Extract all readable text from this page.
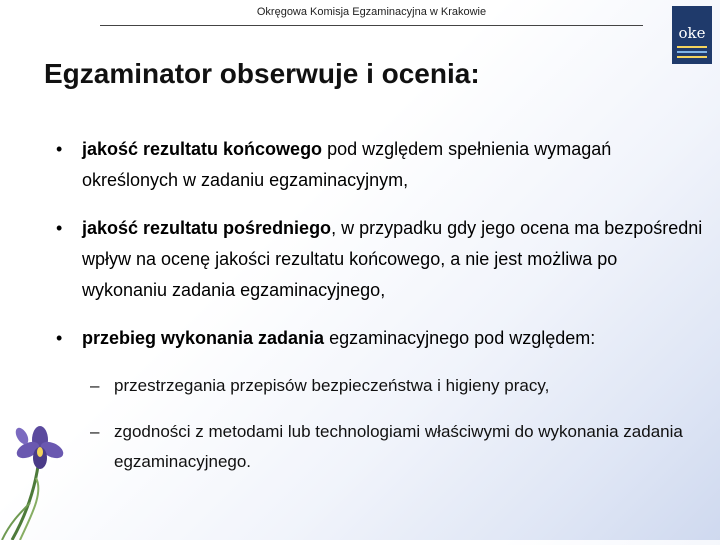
Okręgowa Komisja Egzaminacyjna w Krakowie
oke
Egzaminator obserwuje i ocenia:
• jakość rezultatu końcowego pod względem spełnienia wymagań określonych w zadaniu egzaminacyjnym,
• jakość rezultatu pośredniego, w przypadku gdy jego ocena ma bezpośredni wpływ na ocenę jakości rezultatu końcowego, a nie jest możliwa po wykonaniu zadania egzaminacyjnego,
• przebieg wykonania zadania egzaminacyjnego pod względem:
– przestrzegania przepisów bezpieczeństwa i higieny pracy,
– zgodności z metodami lub technologiami właściwymi do wykonania zadania egzaminacyjnego.
